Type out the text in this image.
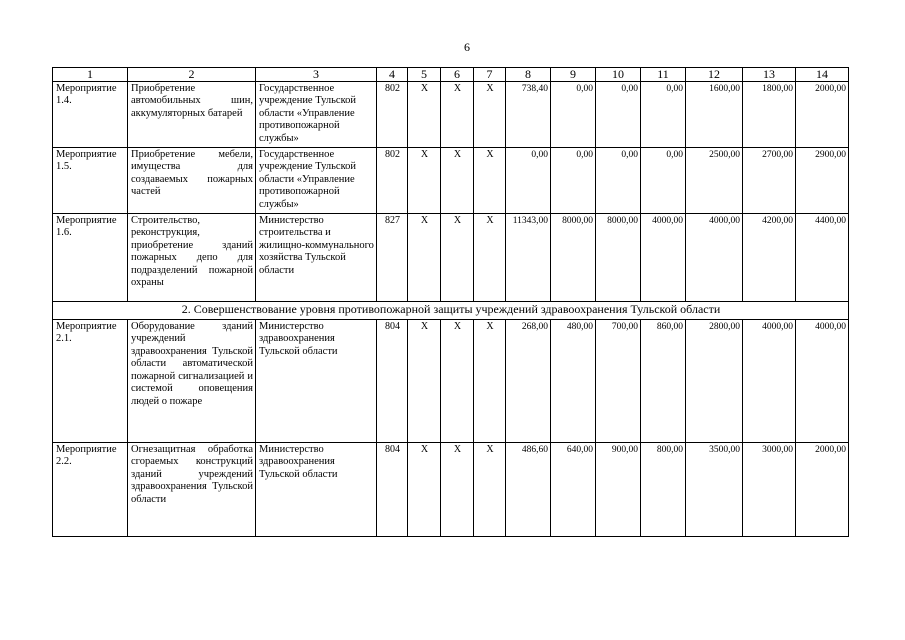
6
1	2	3	4	5	6	7	8	9	10	11	12	13	14
Мероприятие 1.4.	Приобретение автомобильных шин, аккумуляторных батарей	Государственное учреждение Тульской области «Управление противопожарной службы»	802	X	X	X	738,40	0,00	0,00	0,00	1600,00	1800,00	2000,00
Мероприятие 1.5.	Приобретение мебели, имущества для создаваемых пожарных частей	Государственное учреждение Тульской области «Управление противопожарной службы»	802	X	X	X	0,00	0,00	0,00	0,00	2500,00	2700,00	2900,00
Мероприятие 1.6.	Строительство, реконструкция, приобретение зданий пожарных депо для подразделений пожарной охраны	Министерство строительства и жилищно-коммунального хозяйства Тульской области	827	X	X	X	11343,00	8000,00	8000,00	4000,00	4000,00	4200,00	4400,00
2. Совершенствование уровня противопожарной защиты учреждений здравоохранения Тульской области													
Мероприятие 2.1.	Оборудование зданий учреждений здравоохранения Тульской области автоматической пожарной сигнализацией и системой оповещения людей о пожаре	Министерство здравоохранения Тульской области	804	X	X	X	268,00	480,00	700,00	860,00	2800,00	4000,00	4000,00
Мероприятие 2.2.	Огнезащитная обработка сгораемых конструкций зданий учреждений здравоохранения Тульской области	Министерство здравоохранения Тульской области	804	X	X	X	486,60	640,00	900,00	800,00	3500,00	3000,00	2000,00
